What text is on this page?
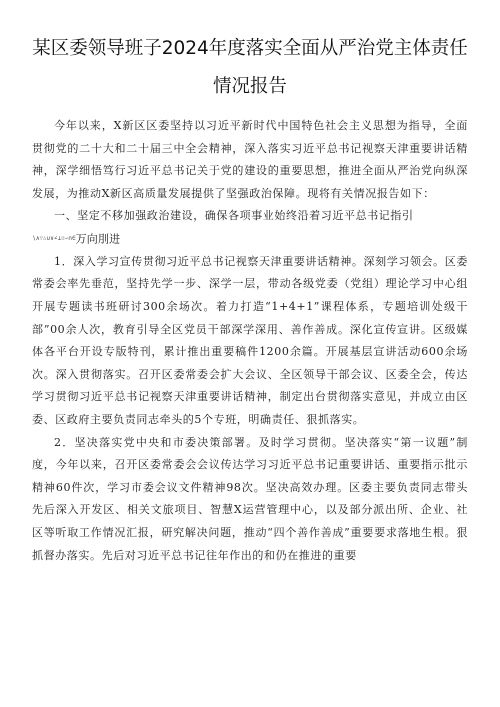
某区委领导班子2024年度落实全面从严治党主体责任
情况报告

今年以来，X新区区委坚持以习近平新时代中国特色社会主义思想为指导，全面贯彻党的二十大和二十届三中全会精神，深入落实习近平总书记视察天津重要讲话精神，深学细悟笃行习近平总书记关于党的建设的重要思想，推进全面从严治党向纵深发展，为推动X新区高质量发展提供了坚强政治保障。现将有关情况报告如下：

一、坚定不移加强政治建设，确保各项事业始终沿着习近平总书记指引

∖∧∵∴∪∨∠⊥∷∽∩∈万向刖进

1．深入学习宣传贯彻习近平总书记视察天津重要讲话精神。深刻学习领会。区委常委会率先垂范，坚持先学一步、深学一层，带动各级党委（党组）理论学习中心组开展专题读书班研讨300余场次。着力打造“1+4+1”课程体系，专题培训处级干部”00余人次，教育引导全区党员干部深学深用、善作善成。深化宣传宣讲。区级媒体各平台开设专版特刊，累计推出重要稿件1200余篇。开展基层宣讲活动600余场次。深入贯彻落实。召开区委常委会扩大会议、全区领导干部会议、区委全会，传达学习贯彻习近平总书记视察天津重要讲话精神，制定出台贯彻落实意见，并成立由区委、区政府主要负责同志牵头的5个专班，明确责任、狠抓落实。

2．坚决落实党中央和市委决策部署。及时学习贯彻。坚决落实“第一议题”制度，今年以来，召开区委常委会会议传达学习习近平总书记重要讲话、重要指示批示精神60件次，学习市委会议文件精神98次。坚决高效办理。区委主要负责同志带头先后深入开发区、相关文旅项目、智慧X运营管理中心，以及部分派出所、企业、社区等听取工作情况汇报，研究解决问题，推动“四个善作善成”重要要求落地生根。狠抓督办落实。先后对习近平总书记往年作出的和仍在推进的重要
